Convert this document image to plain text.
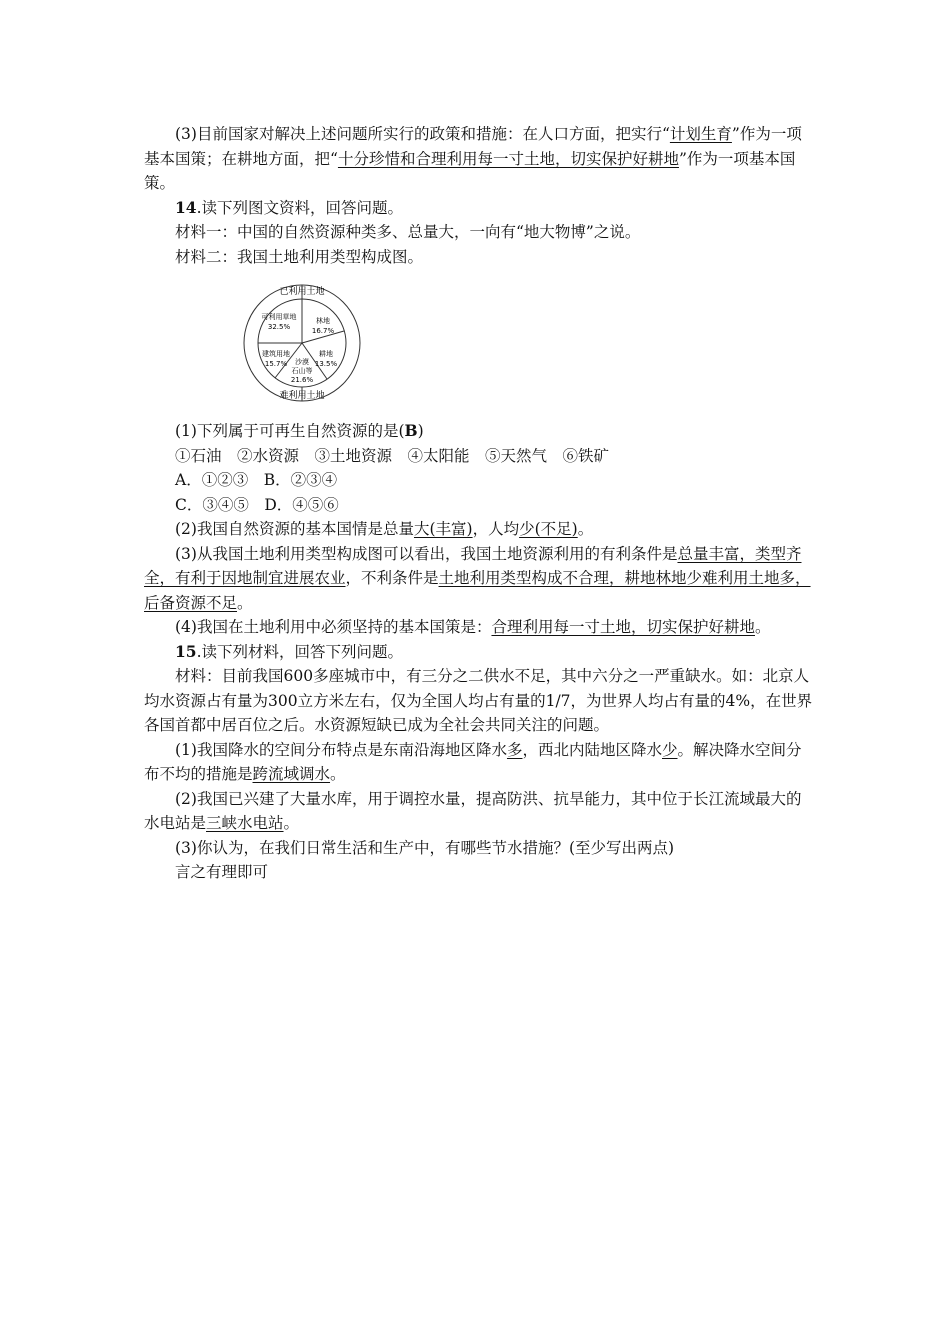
(3)目前国家对解决上述问题所实行的政策和措施：在人口方面，把实行“计划生育”作为一项基本国策；在耕地方面，把“十分珍惜和合理利用每一寸土地，切实保护好耕地”作为一项基本国策。

14.读下列图文资料，回答问题。

材料一：中国的自然资源种类多、总量大，一向有“地大物博”之说。

材料二：我国土地利用类型构成图。

已利用土地
难利用土地
可利用草地
32.5%
林地
16.7%
耕地
13.5%
沙漠
石山等
21.6%
建筑用地
15.7%

(1)下列属于可再生自然资源的是(B)

①石油　②水资源　③土地资源　④太阳能　⑤天然气　⑥铁矿

A．①②③　B．②③④

C．③④⑤　D．④⑤⑥

(2)我国自然资源的基本国情是总量大(丰富)，人均少(不足)。

(3)从我国土地利用类型构成图可以看出，我国土地资源利用的有利条件是总量丰富，类型齐全，有利于因地制宜进展农业，不利条件是土地利用类型构成不合理，耕地林地少难利用土地多，后备资源不足。

(4)我国在土地利用中必须坚持的基本国策是：合理利用每一寸土地，切实保护好耕地。

15.读下列材料，回答下列问题。

材料：目前我国600多座城市中，有三分之二供水不足，其中六分之一严重缺水。如：北京人均水资源占有量为300立方米左右，仅为全国人均占有量的1/7，为世界人均占有量的4%，在世界各国首都中居百位之后。水资源短缺已成为全社会共同关注的问题。

(1)我国降水的空间分布特点是东南沿海地区降水多，西北内陆地区降水少。解决降水空间分布不均的措施是跨流域调水。

(2)我国已兴建了大量水库，用于调控水量，提高防洪、抗旱能力，其中位于长江流域最大的水电站是三峡水电站。

(3)你认为，在我们日常生活和生产中，有哪些节水措施？(至少写出两点)

言之有理即可
